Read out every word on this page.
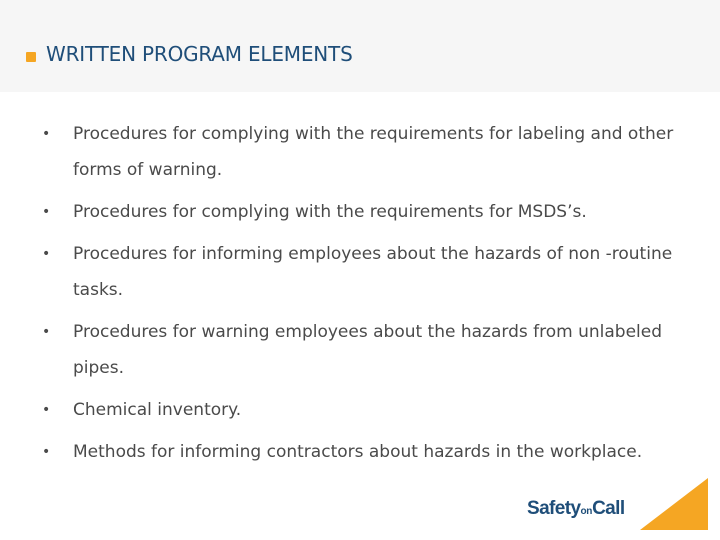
WRITTEN PROGRAM ELEMENTS
•	Procedures for complying with the requirements for labeling and other forms of warning.
•	Procedures for complying with the requirements for MSDS’s.
•	Procedures for informing employees about the hazards of non -routine tasks.
•	Procedures for warning employees about the hazards from unlabeled pipes.
•	Chemical inventory.
•	Methods for informing contractors about hazards in the workplace.
SafetyonCall
